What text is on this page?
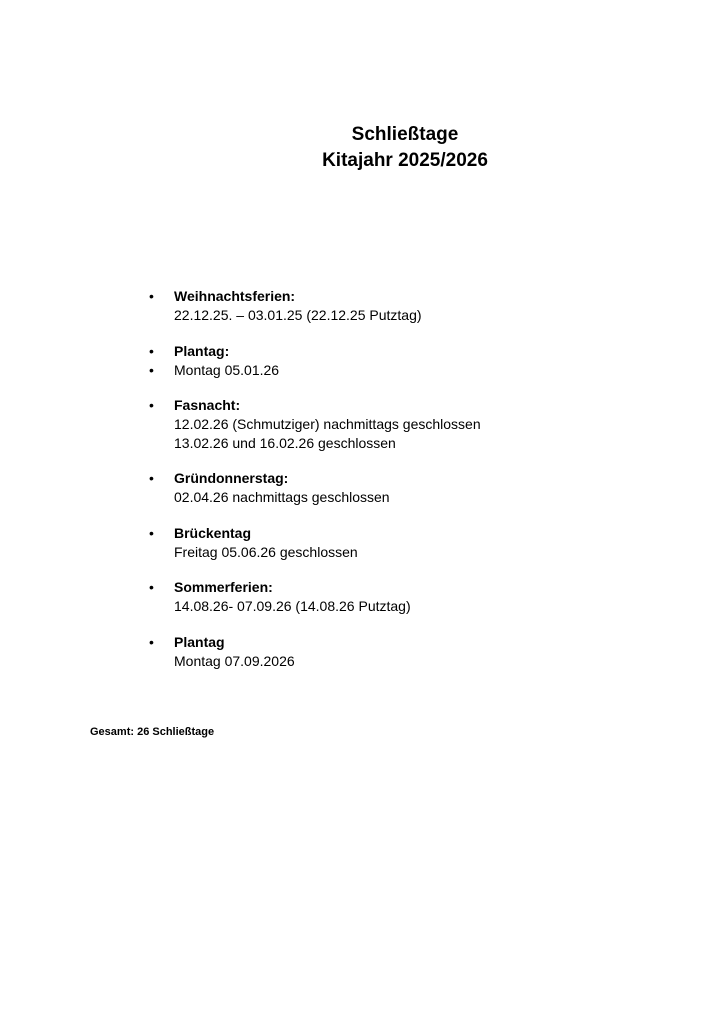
Schließtage
Kitajahr 2025/2026
• Weihnachtsferien:
22.12.25. – 03.01.25 (22.12.25 Putztag)
• Plantag:
• Montag 05.01.26
• Fasnacht:
12.02.26 (Schmutziger) nachmittags geschlossen
13.02.26 und 16.02.26 geschlossen
• Gründonnerstag:
02.04.26 nachmittags geschlossen
• Brückentag
Freitag 05.06.26 geschlossen
• Sommerferien:
14.08.26- 07.09.26 (14.08.26 Putztag)
• Plantag
Montag 07.09.2026
Gesamt: 26 Schließtage
